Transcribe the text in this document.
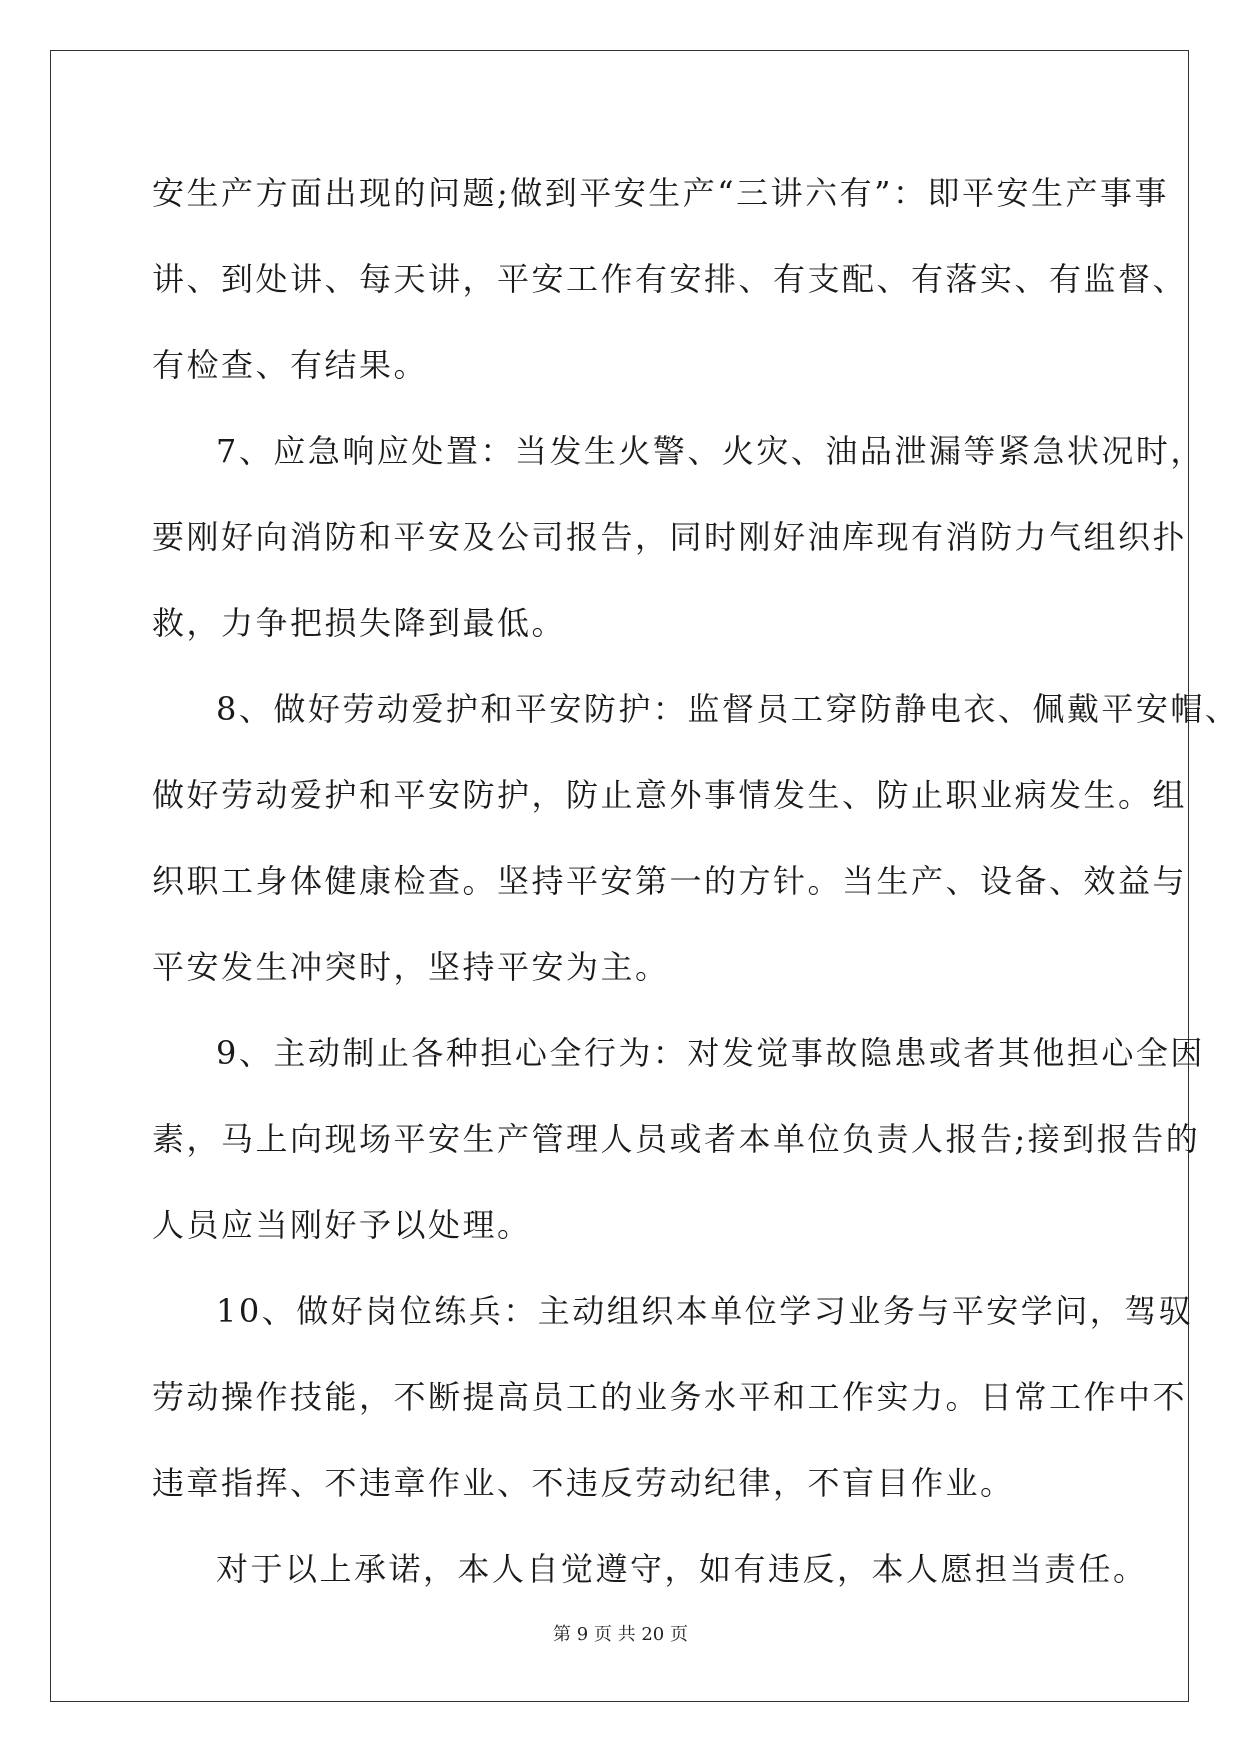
安生产方面出现的问题;做到平安生产“三讲六有”：即平安生产事事

讲、到处讲、每天讲，平安工作有安排、有支配、有落实、有监督、

有检查、有结果。

7、应急响应处置：当发生火警、火灾、油品泄漏等紧急状况时，

要刚好向消防和平安及公司报告，同时刚好油库现有消防力气组织扑

救，力争把损失降到最低。

8、做好劳动爱护和平安防护：监督员工穿防静电衣、佩戴平安帽、

做好劳动爱护和平安防护，防止意外事情发生、防止职业病发生。组

织职工身体健康检查。坚持平安第一的方针。当生产、设备、效益与

平安发生冲突时，坚持平安为主。

9、主动制止各种担心全行为：对发觉事故隐患或者其他担心全因

素，马上向现场平安生产管理人员或者本单位负责人报告;接到报告的

人员应当刚好予以处理。

10、做好岗位练兵：主动组织本单位学习业务与平安学问，驾驭

劳动操作技能，不断提高员工的业务水平和工作实力。日常工作中不

违章指挥、不违章作业、不违反劳动纪律，不盲目作业。

对于以上承诺，本人自觉遵守，如有违反，本人愿担当责任。

第 9 页 共 20 页
